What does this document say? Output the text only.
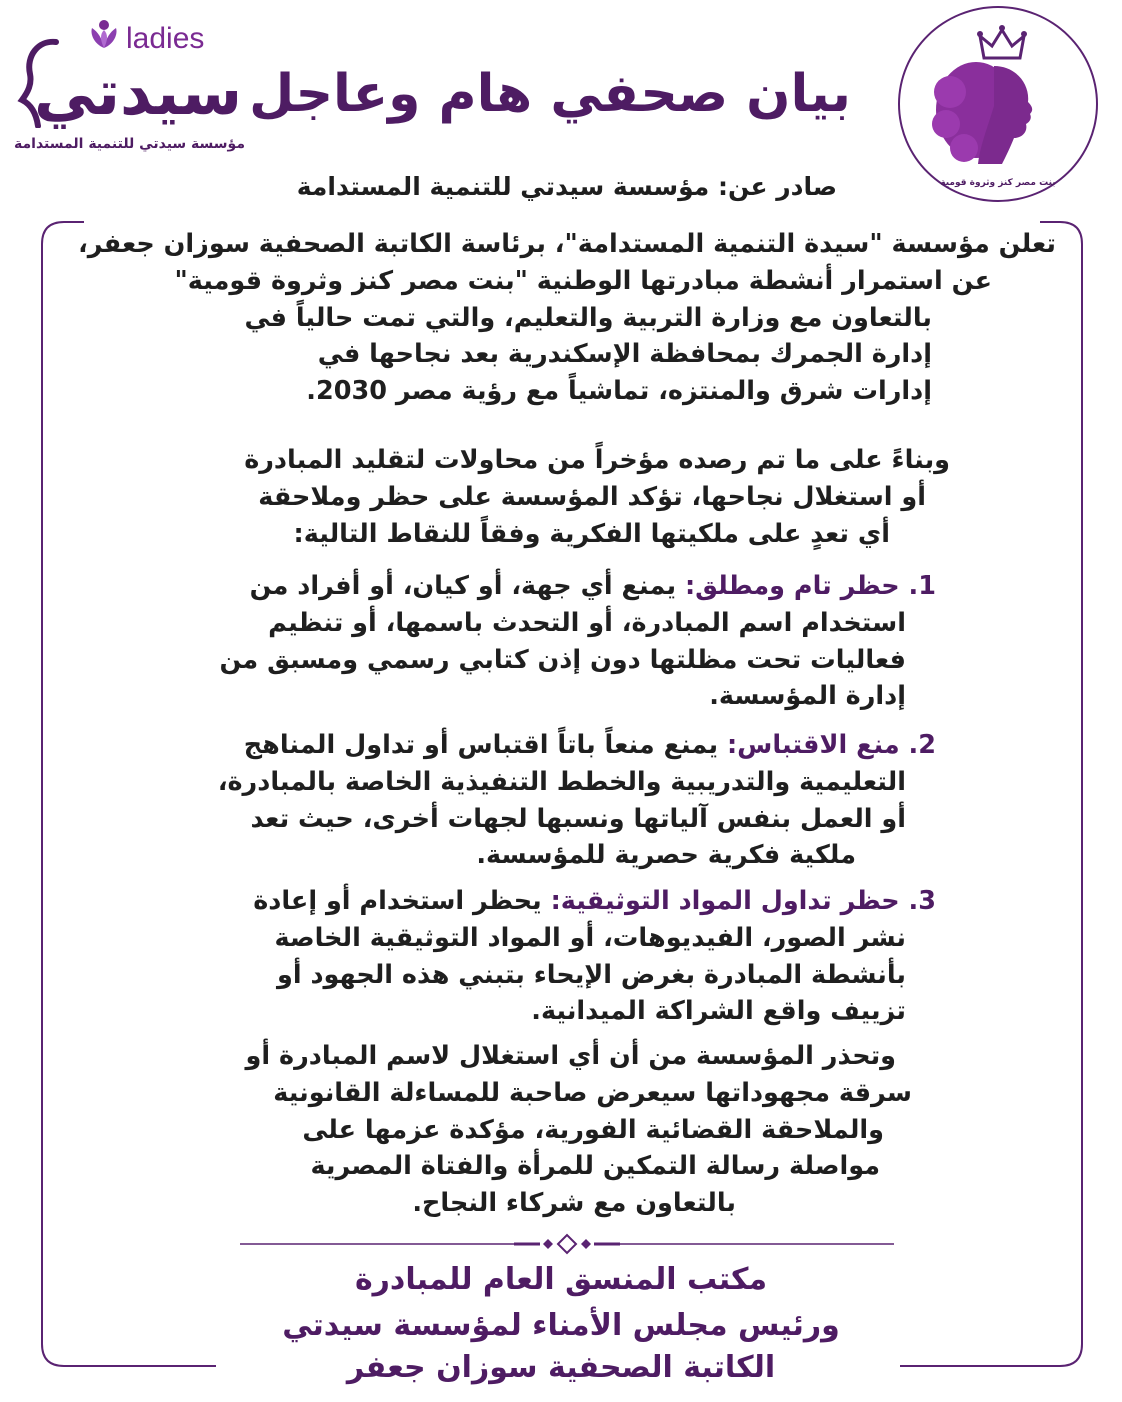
ladies
سيدتي
مؤسسة سيدتي للتنمية المستدامة
بنت مصر كنز وثروة قومية
بيان صحفي هام وعاجل
صادر عن: مؤسسة سيدتي للتنمية المستدامة
تعلن مؤسسة "سيدة التنمية المستدامة"، برئاسة الكاتبة الصحفية سوزان جعفر،
عن استمرار أنشطة مبادرتها الوطنية "بنت مصر كنز وثروة قومية"
بالتعاون مع وزارة التربية والتعليم، والتي تمت حالياً في
إدارة الجمرك بمحافظة الإسكندرية بعد نجاحها في
إدارات شرق والمنتزه، تماشياً مع رؤية مصر 2030.
وبناءً على ما تم رصده مؤخراً من محاولات لتقليد المبادرة
أو استغلال نجاحها، تؤكد المؤسسة على حظر وملاحقة
أي تعدٍ على ملكيتها الفكرية وفقاً للنقاط التالية:
1. حظر تام ومطلق: يمنع أي جهة، أو كيان، أو أفراد من
استخدام اسم المبادرة، أو التحدث باسمها، أو تنظيم
فعاليات تحت مظلتها دون إذن كتابي رسمي ومسبق من
إدارة المؤسسة.
2. منع الاقتباس: يمنع منعاً باتاً اقتباس أو تداول المناهج
التعليمية والتدريبية والخطط التنفيذية الخاصة بالمبادرة،
أو العمل بنفس آلياتها ونسبها لجهات أخرى، حيث تعد
ملكية فكرية حصرية للمؤسسة.
3. حظر تداول المواد التوثيقية: يحظر استخدام أو إعادة
نشر الصور، الفيديوهات، أو المواد التوثيقية الخاصة
بأنشطة المبادرة بغرض الإيحاء بتبني هذه الجهود أو
تزييف واقع الشراكة الميدانية.
وتحذر المؤسسة من أن أي استغلال لاسم المبادرة أو
سرقة مجهوداتها سيعرض صاحبة للمساءلة القانونية
والملاحقة القضائية الفورية، مؤكدة عزمها على
مواصلة رسالة التمكين للمرأة والفتاة المصرية
بالتعاون مع شركاء النجاح.

مكتب المنسق العام للمبادرة

ورئيس مجلس الأمناء لمؤسسة سيدتي

الكاتبة الصحفية سوزان جعفر
